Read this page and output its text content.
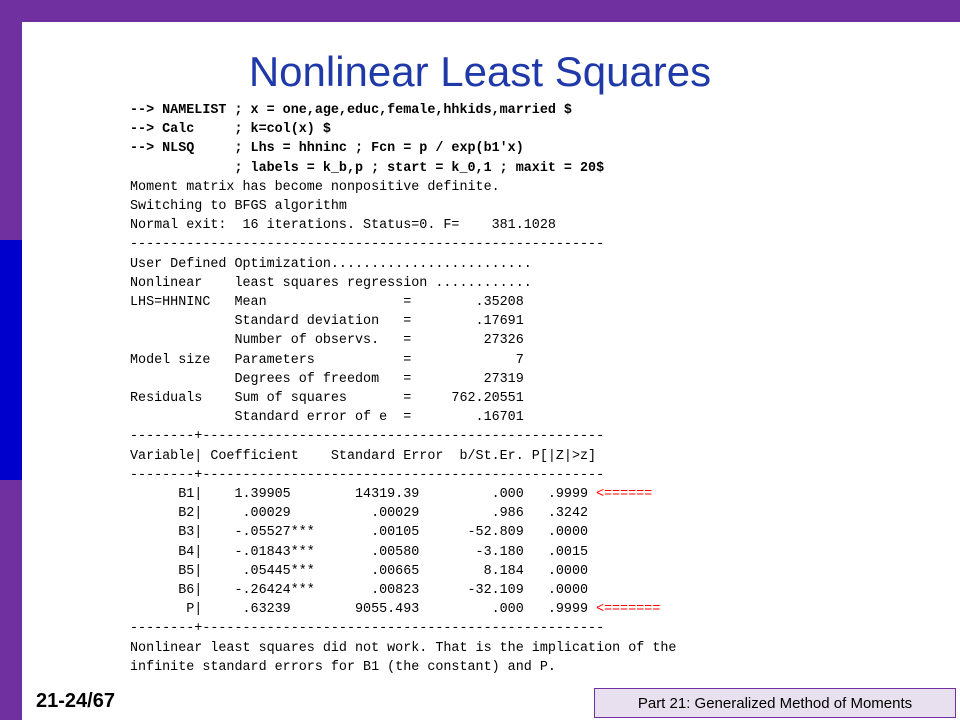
Nonlinear Least Squares
--> NAMELIST ; x = one,age,educ,female,hhkids,married $
--> Calc     ; k=col(x) $
--> NLSQ     ; Lhs = hhninc ; Fcn = p / exp(b1'x)
; labels = k_b,p ; start = k_0,1 ; maxit = 20$
Moment matrix has become nonpositive definite.
Switching to BFGS algorithm
Normal exit:  16 iterations. Status=0. F=    381.1028
-----------------------------------------------------------
User Defined Optimization.........................
Nonlinear    least squares regression ............
LHS=HHNINC   Mean                 =        .35208
Standard deviation   =        .17691
Number of observs.   =         27326
Model size   Parameters           =             7
Degrees of freedom   =         27319
Residuals    Sum of squares       =     762.20551
Standard error of e  =        .16701
--------+--------------------------------------------------
Variable| Coefficient    Standard Error  b/St.Er. P[|Z|>z]
--------+--------------------------------------------------
B1|    1.39905        14319.39         .000   .9999 <======
B2|     .00029          .00029         .986   .3242
B3|    -.05527***       .00105      -52.809   .0000
B4|    -.01843***       .00580       -3.180   .0015
B5|     .05445***       .00665        8.184   .0000
B6|    -.26424***       .00823      -32.109   .0000
P|     .63239        9055.493         .000   .9999 <=======
--------+--------------------------------------------------
Nonlinear least squares did not work. That is the implication of the
infinite standard errors for B1 (the constant) and P.
21-24/67	Part 21: Generalized Method of Moments
